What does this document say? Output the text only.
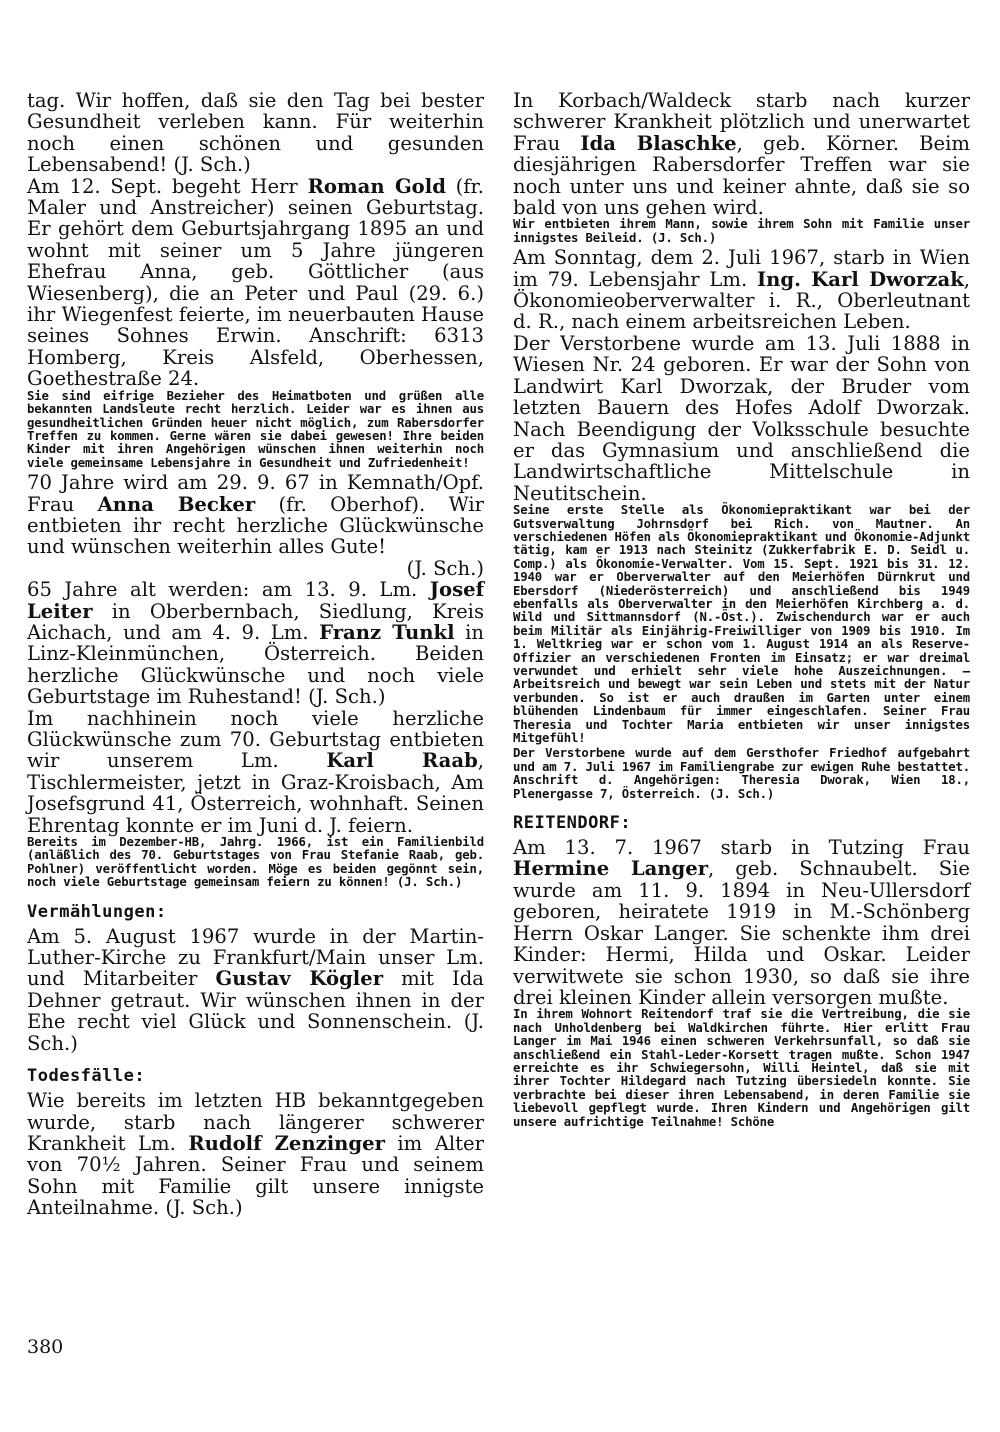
tag. Wir hoffen, daß sie den Tag bei bester Gesundheit verleben kann. Für weiterhin noch einen schönen und gesunden Lebensabend! (J. Sch.)

Am 12. Sept. begeht Herr Roman Gold (fr. Maler und Anstreicher) seinen Geburtstag. Er gehört dem Geburtsjahrgang 1895 an und wohnt mit seiner um 5 Jahre jüngeren Ehefrau Anna, geb. Göttlicher (aus Wiesenberg), die an Peter und Paul (29. 6.) ihr Wiegenfest feierte, im neuerbauten Hause seines Sohnes Erwin. Anschrift: 6313 Homberg, Kreis Alsfeld, Oberhessen, Goethestraße 24.

Sie sind eifrige Bezieher des Heimatboten und grüßen alle bekannten Landsleute recht herzlich. Leider war es ihnen aus gesundheitlichen Gründen heuer nicht möglich, zum Rabersdorfer Treffen zu kommen. Gerne wären sie dabei gewesen! Ihre beiden Kinder mit ihren Angehörigen wünschen ihnen weiterhin noch viele gemeinsame Lebensjahre in Gesundheit und Zufriedenheit!

70 Jahre wird am 29. 9. 67 in Kemnath/Opf. Frau Anna Becker (fr. Oberhof). Wir entbieten ihr recht herzliche Glückwünsche und wünschen weiterhin alles Gute!

(J. Sch.)

65 Jahre alt werden: am 13. 9. Lm. Josef Leiter in Oberbernbach, Siedlung, Kreis Aichach, und am 4. 9. Lm. Franz Tunkl in Linz-Kleinmünchen, Österreich. Beiden herzliche Glückwünsche und noch viele Geburtstage im Ruhestand! (J. Sch.)

Im nachhinein noch viele herzliche Glückwünsche zum 70. Geburtstag entbieten wir unserem Lm. Karl Raab, Tischlermeister, jetzt in Graz-Kroisbach, Am Josefsgrund 41, Österreich, wohnhaft. Seinen Ehrentag konnte er im Juni d. J. feiern.

Bereits im Dezember-HB, Jahrg. 1966, ist ein Familienbild (anläßlich des 70. Geburtstages von Frau Stefanie Raab, geb. Pohlner) veröffentlicht worden. Möge es beiden gegönnt sein, noch viele Geburtstage gemeinsam feiern zu können! (J. Sch.)

Vermählungen:

Am 5. August 1967 wurde in der Martin-Luther-Kirche zu Frankfurt/Main unser Lm. und Mitarbeiter Gustav Kögler mit Ida Dehner getraut. Wir wünschen ihnen in der Ehe recht viel Glück und Sonnenschein. (J. Sch.)

Todesfälle:

Wie bereits im letzten HB bekanntgegeben wurde, starb nach längerer schwerer Krankheit Lm. Rudolf Zenzinger im Alter von 70½ Jahren. Seiner Frau und seinem Sohn mit Familie gilt unsere innigste Anteilnahme. (J. Sch.)

In Korbach/Waldeck starb nach kurzer schwerer Krankheit plötzlich und unerwartet Frau Ida Blaschke, geb. Körner. Beim diesjährigen Rabersdorfer Treffen war sie noch unter uns und keiner ahnte, daß sie so bald von uns gehen wird.

Wir entbieten ihrem Mann, sowie ihrem Sohn mit Familie unser innigstes Beileid. (J. Sch.)

Am Sonntag, dem 2. Juli 1967, starb in Wien im 79. Lebensjahr Lm. Ing. Karl Dworzak, Ökonomieoberverwalter i. R., Oberleutnant d. R., nach einem arbeitsreichen Leben.

Der Verstorbene wurde am 13. Juli 1888 in Wiesen Nr. 24 geboren. Er war der Sohn von Landwirt Karl Dworzak, der Bruder vom letzten Bauern des Hofes Adolf Dworzak. Nach Beendigung der Volksschule besuchte er das Gymnasium und anschließend die Landwirtschaftliche Mittelschule in Neutitschein.

Seine erste Stelle als Ökonomiepraktikant war bei der Gutsverwaltung Johrnsdorf bei Rich. von Mautner. An verschiedenen Höfen als Ökonomiepraktikant und Ökonomie-Adjunkt tätig, kam er 1913 nach Steinitz (Zukkerfabrik E. D. Seidl u. Comp.) als Ökonomie-Verwalter. Vom 15. Sept. 1921 bis 31. 12. 1940 war er Oberverwalter auf den Meierhöfen Dürnkrut und Ebersdorf (Niederösterreich) und anschließend bis 1949 ebenfalls als Oberverwalter in den Meierhöfen Kirchberg a. d. Wild und Sittmannsdorf (N.-Öst.). Zwischendurch war er auch beim Militär als Einjährig-Freiwilliger von 1909 bis 1910. Im 1. Weltkrieg war er schon vom 1. August 1914 an als Reserve-Offizier an verschiedenen Fronten im Einsatz; er war dreimal verwundet und erhielt sehr viele hohe Auszeichnungen. — Arbeitsreich und bewegt war sein Leben und stets mit der Natur verbunden. So ist er auch draußen im Garten unter einem blühenden Lindenbaum für immer eingeschlafen. Seiner Frau Theresia und Tochter Maria entbieten wir unser innigstes Mitgefühl!

Der Verstorbene wurde auf dem Gersthofer Friedhof aufgebahrt und am 7. Juli 1967 im Familiengrabe zur ewigen Ruhe bestattet. Anschrift d. Angehörigen: Theresia Dworak, Wien 18., Plenergasse 7, Österreich. (J. Sch.)

REITENDORF:

Am 13. 7. 1967 starb in Tutzing Frau Hermine Langer, geb. Schnaubelt. Sie wurde am 11. 9. 1894 in Neu-Ullersdorf geboren, heiratete 1919 in M.-Schönberg Herrn Oskar Langer. Sie schenkte ihm drei Kinder: Hermi, Hilda und Oskar. Leider verwitwete sie schon 1930, so daß sie ihre drei kleinen Kinder allein versorgen mußte.

In ihrem Wohnort Reitendorf traf sie die Vertreibung, die sie nach Unholdenberg bei Waldkirchen führte. Hier erlitt Frau Langer im Mai 1946 einen schweren Verkehrsunfall, so daß sie anschließend ein Stahl-Leder-Korsett tragen mußte. Schon 1947 erreichte es ihr Schwiegersohn, Willi Heintel, daß sie mit ihrer Tochter Hildegard nach Tutzing übersiedeln konnte. Sie verbrachte bei dieser ihren Lebensabend, in deren Familie sie liebevoll gepflegt wurde. Ihren Kindern und Angehörigen gilt unsere aufrichtige Teilnahme! Schöne

380
